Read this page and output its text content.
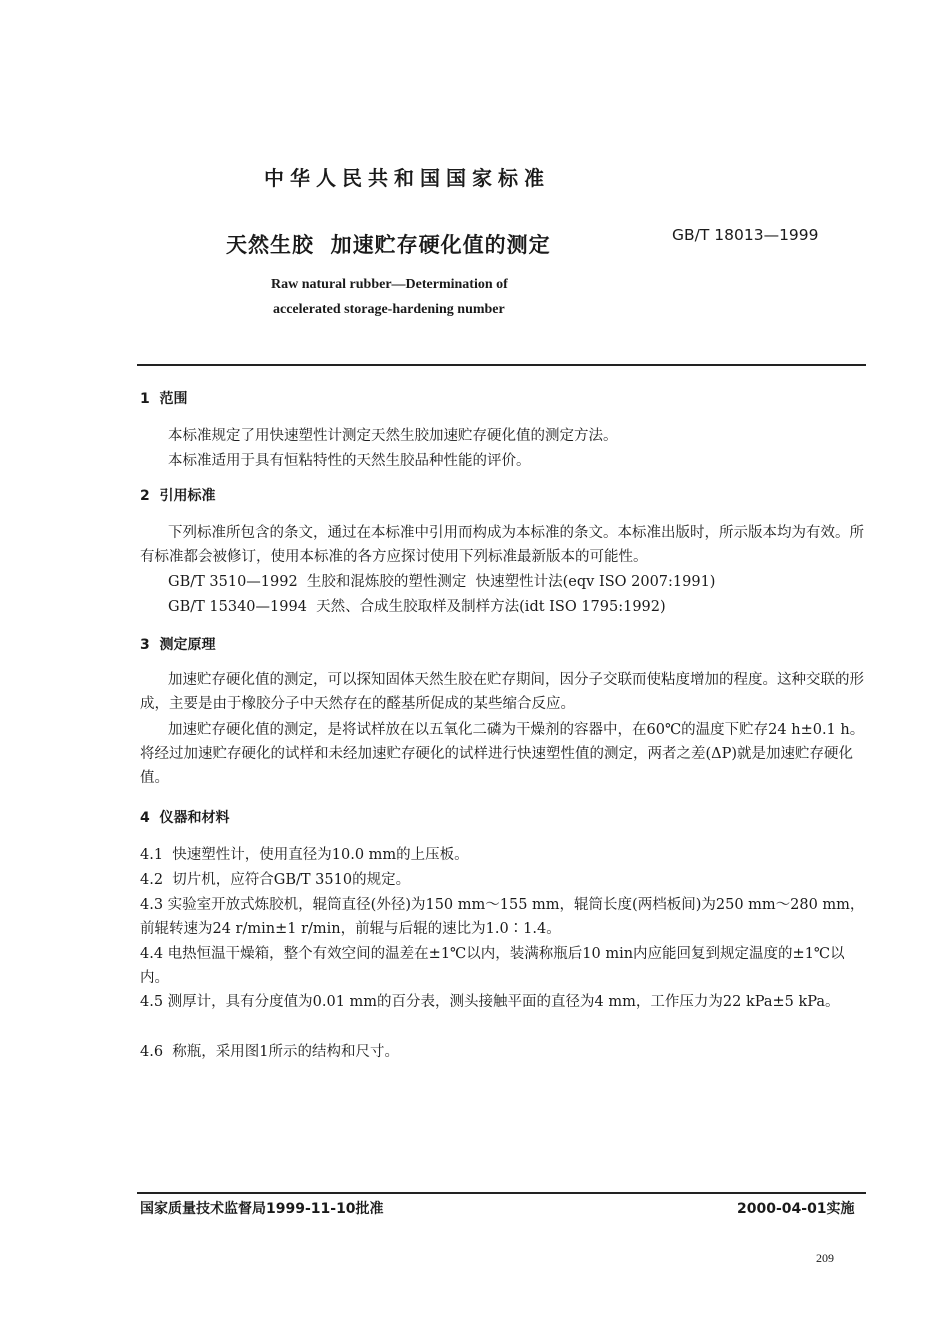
中华人民共和国国家标准
天然生胶  加速贮存硬化值的测定	GB/T 18013—1999
Raw natural rubber—Determination of
accelerated storage-hardening number
1  范围
本标准规定了用快速塑性计测定天然生胶加速贮存硬化值的测定方法。
本标准适用于具有恒粘特性的天然生胶品种性能的评价。
2  引用标准
下列标准所包含的条文，通过在本标准中引用而构成为本标准的条文。本标准出版时，所示版本均为有效。所有标准都会被修订，使用本标准的各方应探讨使用下列标准最新版本的可能性。
GB/T 3510—1992  生胶和混炼胶的塑性测定  快速塑性计法(eqv ISO 2007:1991)
GB/T 15340—1994  天然、合成生胶取样及制样方法(idt ISO 1795:1992)
3  测定原理
加速贮存硬化值的测定，可以探知固体天然生胶在贮存期间，因分子交联而使粘度增加的程度。这种交联的形成，主要是由于橡胶分子中天然存在的醛基所促成的某些缩合反应。
加速贮存硬化值的测定，是将试样放在以五氧化二磷为干燥剂的容器中，在60℃的温度下贮存24 h±0.1 h。将经过加速贮存硬化的试样和未经加速贮存硬化的试样进行快速塑性值的测定，两者之差(ΔP)就是加速贮存硬化值。
4  仪器和材料
4.1  快速塑性计，使用直径为10.0 mm的上压板。
4.2  切片机，应符合GB/T 3510的规定。
4.3 实验室开放式炼胶机，辊筒直径(外径)为150 mm～155 mm，辊筒长度(两档板间)为250 mm～280 mm，前辊转速为24 r/min±1 r/min，前辊与后辊的速比为1.0∶1.4。
4.4 电热恒温干燥箱，整个有效空间的温差在±1℃以内，装满称瓶后10 min内应能回复到规定温度的±1℃以内。
4.5 测厚计，具有分度值为0.01 mm的百分表，测头接触平面的直径为4 mm，工作压力为22 kPa±5 kPa。
4.6  称瓶，采用图1所示的结构和尺寸。
国家质量技术监督局1999-11-10批准	2000-04-01实施
209
